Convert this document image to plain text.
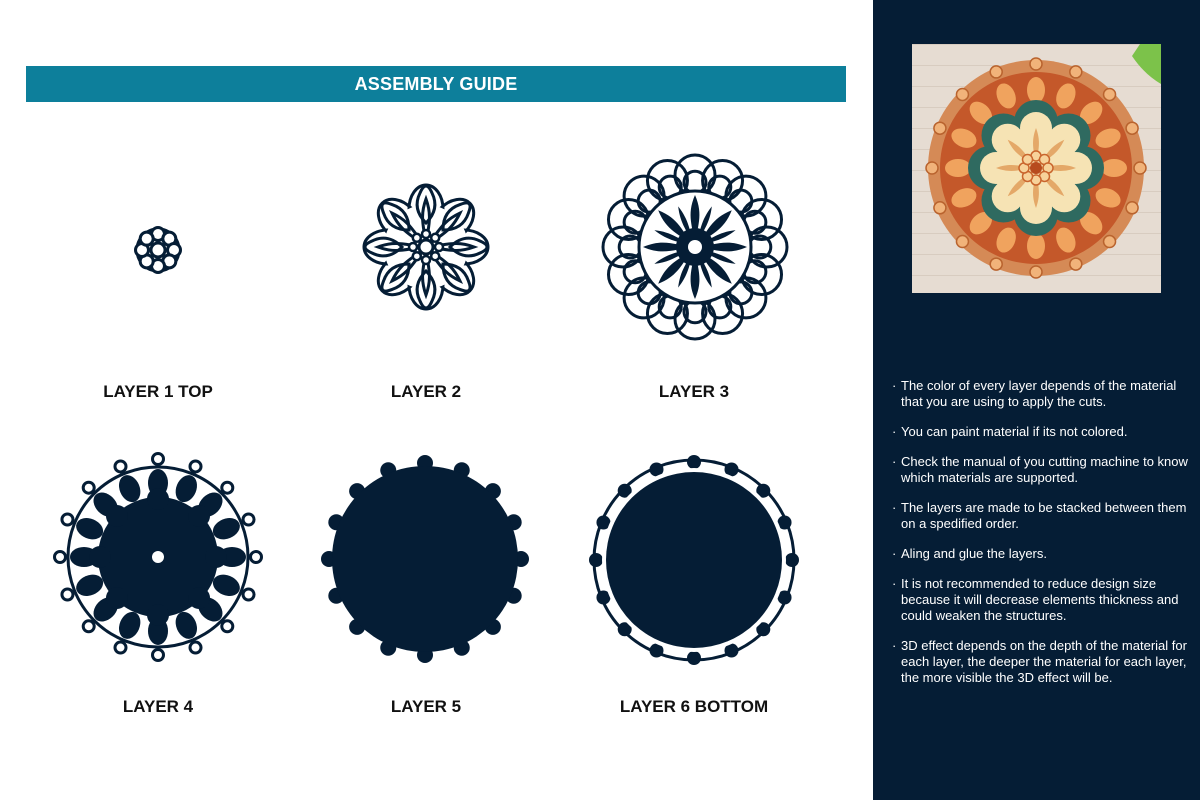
ASSEMBLY GUIDE
LAYER 1 TOP	LAYER 2	LAYER 3
LAYER 4	LAYER 5	LAYER 6 BOTTOM
· The color of every layer depends of the material that you are using to apply the cuts.
· You can paint material if its not colored.
· Check the manual of you cutting machine to know which materials are supported.
· The layers are made to be stacked between them on a spedified order.
· Aling and glue the layers.
· It is not recommended to reduce design size because it will decrease elements thickness and could weaken the structures.
· 3D effect depends on the depth of the material for each layer, the deeper the material for each layer, the more visible the 3D effect will be.
